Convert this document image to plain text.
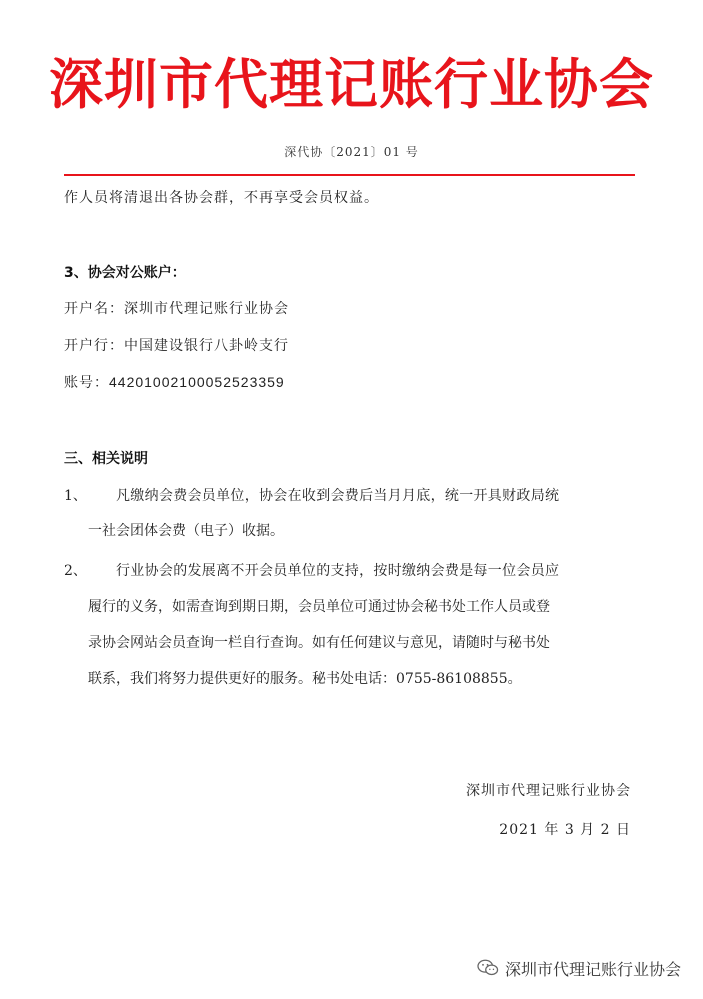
深圳市代理记账行业协会
深代协〔2021〕01 号
作人员将清退出各协会群，不再享受会员权益。
3、协会对公账户：
开户名：深圳市代理记账行业协会
开户行：中国建设银行八卦岭支行
账号：44201002100052523359
三、相关说明
1、 凡缴纳会费会员单位，协会在收到会费后当月月底，统一开具财政局统
一社会团体会费（电子）收据。
2、 行业协会的发展离不开会员单位的支持，按时缴纳会费是每一位会员应
履行的义务，如需查询到期日期，会员单位可通过协会秘书处工作人员或登
录协会网站会员查询一栏自行查询。如有任何建议与意见，请随时与秘书处
联系，我们将努力提供更好的服务。秘书处电话：0755-86108855。
深圳市代理记账行业协会
2021 年 3 月 2 日
深圳市代理记账行业协会
